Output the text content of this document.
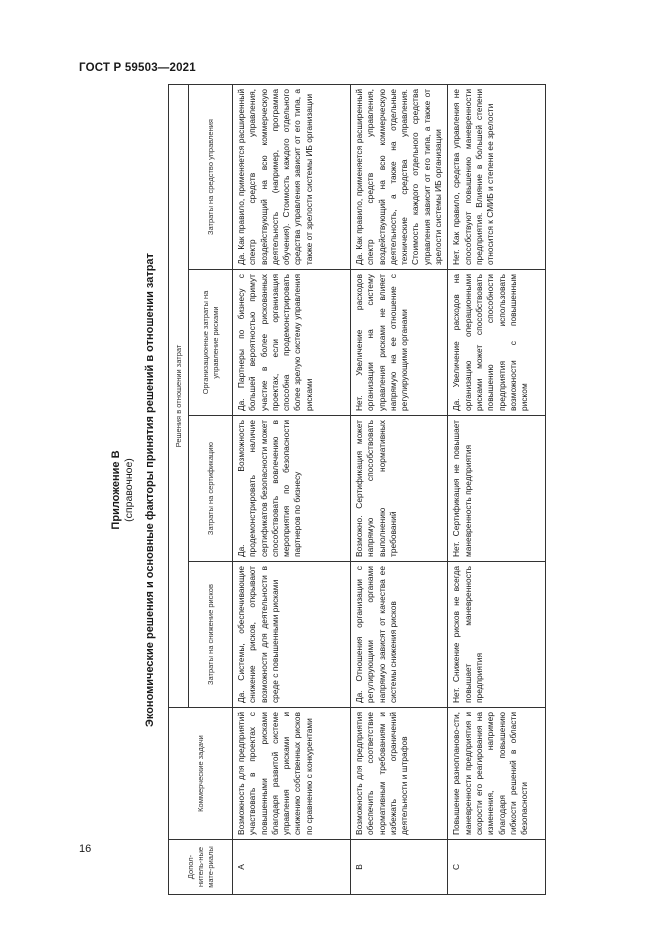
ГОСТ Р 59503—2021
Приложение В (справочное) Экономические решения и основные факторы принятия решений в отношении затрат
Допол-нитель-ные мате-риалы	Коммерческие задачи	Решения в отношении затрат			
		Затраты на снижение рисков	Затраты на сертификацию	Организационные затраты на управление рисками	Затраты на средство управления
A	Возможность для предприятий участвовать в проектах с повышенными рисками благодаря развитой системе управления рисками и снижению собственных рисков по сравнению с конкурентами	Да. Системы, обеспечивающие снижение рисков, открывают возможности для деятельности в среде с повышенными рисками	Да. Возможность продемонстрировать наличие сертификатов безопасности может способствовать вовлечению в мероприятия по безопасности партнеров по бизнесу	Да. Партнеры по бизнесу с большей вероятностью примут участие в более рискованных проектах, если организация способна продемонстрировать более зрелую систему управления рисками	Да. Как правило, применяется расширенный спектр средств управления, воздействующий на всю коммерческую деятельность (например, программа обучения). Стоимость каждого отдельного средства управления зависит от его типа, а также от зрелости системы ИБ организации
B	Возможность для предприятия обеспечить соответствие нормативным требованиям и избежать ограничений деятельности и штрафов	Да. Отношения организации с регулирующими органами напрямую зависят от качества ее системы снижения рисков	Возможно. Сертификация может напрямую способствовать выполнению нормативных требований	Нет. Увеличение расходов организации на систему управления рисками не влияет напрямую на ее отношение с регулирующими органами	Да. Как правило, применяется расширенный спектр средств управления, воздействующий на всю коммерческую деятельность, а также на отдельные технические средства управления. Стоимость каждого отдельного средства управления зависит от его типа, а также от зрелости системы ИБ организации
C	Повышение разнопланово-сти, маневренности предприятия и скорости его реагирования на изменения, например благодаря повышению гибкости решений в области безопасности	Нет. Снижение рисков не всегда повышает маневренность предприятия	Нет. Сертификация не повышает маневренность предприятия	Да. Увеличение расходов на организацию операционными рисками может способствовать повышению способности предприятия использовать возможности с повышенным риском	Нет. Как правило, средства управления не способствуют повышению маневренности предприятия. Влияние в большей степени относится к СМИБ и степени ее зрелости
16
